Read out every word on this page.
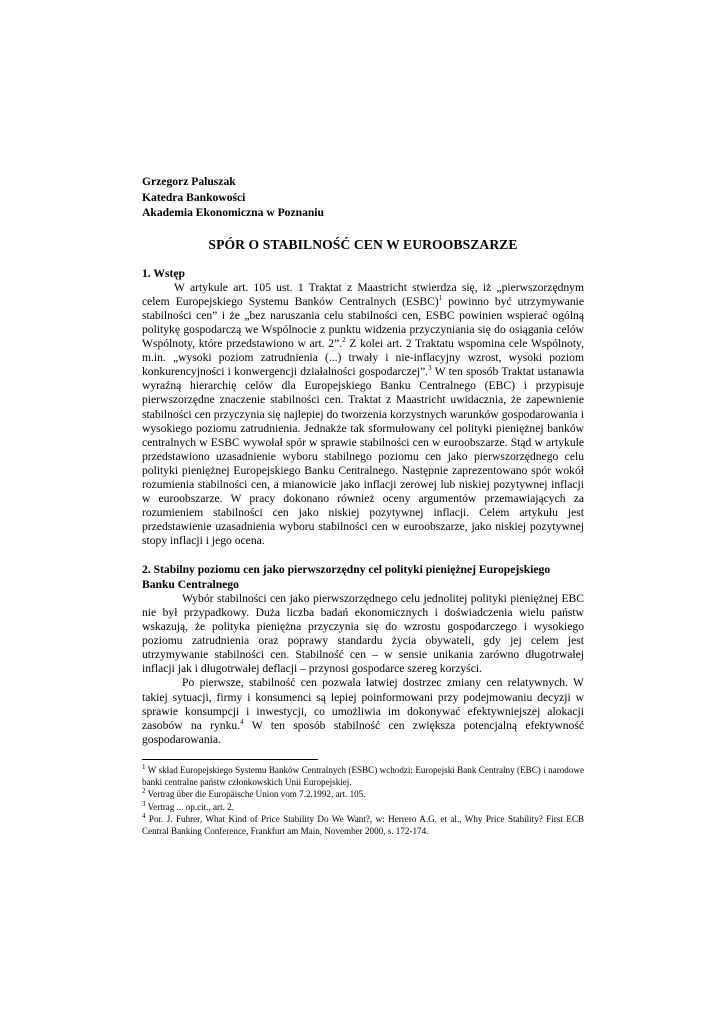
Grzegorz Paluszak
Katedra Bankowości
Akademia Ekonomiczna w Poznaniu
SPÓR O STABILNOŚĆ CEN W EUROOBSZARZE
1. Wstęp

W artykule art. 105 ust. 1 Traktat z Maastricht stwierdza się, iż „pierwszorzędnym celem Europejskiego Systemu Banków Centralnych (ESBC)$^1$ powinno być utrzymywanie stabilności cen” i że „bez naruszania celu stabilności cen, ESBC powinien wspierać ogólną politykę gospodarczą we Wspólnocie z punktu widzenia przyczyniania się do osiągania celów Wspólnoty, które przedstawiono w art. 2”.$^2$ Z kolei art. 2 Traktatu wspomina cele Wspólnoty, m.in. „wysoki poziom zatrudnienia (...) trwały i nie-inflacyjny wzrost, wysoki poziom konkurencyjności i konwergencji działalności gospodarczej”.$^3$ W ten sposób Traktat ustanawia wyraźną hierarchię celów dla Europejskiego Banku Centralnego (EBC) i przypisuje pierwszorzędne znaczenie stabilności cen. Traktat z Maastricht uwidacznia, że zapewnienie stabilności cen przyczynia się najlepiej do tworzenia korzystnych warunków gospodarowania i wysokiego poziomu zatrudnienia. Jednakże tak sformułowany cel polityki pieniężnej banków centralnych w ESBC wywołał spór w sprawie stabilności cen w euroobszarze. Stąd w artykule przedstawiono uzasadnienie wyboru stabilnego poziomu cen jako pierwszorzędnego celu polityki pieniężnej Europejskiego Banku Centralnego. Następnie zaprezentowano spór wokół rozumienia stabilności cen, a mianowicie jako inflacji zerowej lub niskiej pozytywnej inflacji w euroobszarze. W pracy dokonano również oceny argumentów przemawiających za rozumieniem stabilności cen jako niskiej pozytywnej inflacji. Celem artykułu jest przedstawienie uzasadnienia wyboru stabilności cen w euroobszarze, jako niskiej pozytywnej stopy inflacji i jego ocena.

2. Stabilny poziomu cen jako pierwszorzędny cel polityki pieniężnej Europejskiego Banku Centralnego

Wybór stabilności cen jako pierwszorzędnego celu jednolitej polityki pieniężnej EBC nie był przypadkowy. Duża liczba badań ekonomicznych i doświadczenia wielu państw wskazują, że polityka pieniężna przyczynia się do wzrostu gospodarczego i wysokiego poziomu zatrudnienia oraz poprawy standardu życia obywateli, gdy jej celem jest utrzymywanie stabilności cen. Stabilność cen – w sensie unikania zarówno długotrwałej inflacji jak i długotrwałej deflacji – przynosi gospodarce szereg korzyści.

Po pierwsze, stabilność cen pozwala łatwiej dostrzec zmiany cen relatywnych. W takiej sytuacji, firmy i konsumenci są lepiej poinformowani przy podejmowaniu decyzji w sprawie konsumpcji i inwestycji, co umożliwia im dokonywać efektywniejszej alokacji zasobów na rynku.$^4$ W ten sposób stabilność cen zwiększa potencjalną efektywność gospodarowania.

$^1$ W skład Europejskiego Systemu Banków Centralnych (ESBC) wchodzi: Europejski Bank Centralny (EBC) i narodowe banki centralne państw członkowskich Unii Europejskiej.
$^2$ Vertrag über die Europäische Union vom 7.2.1992, art. 105.
$^3$ Vertrag ... op.cit., art. 2.
$^4$ Por. J. Fuhrer, What Kind of Price Stability Do We Want?, w: Herrero A.G. et al., Why Price Stability? First ECB Central Banking Conference, Frankfurt am Main, November 2000, s. 172-174.
